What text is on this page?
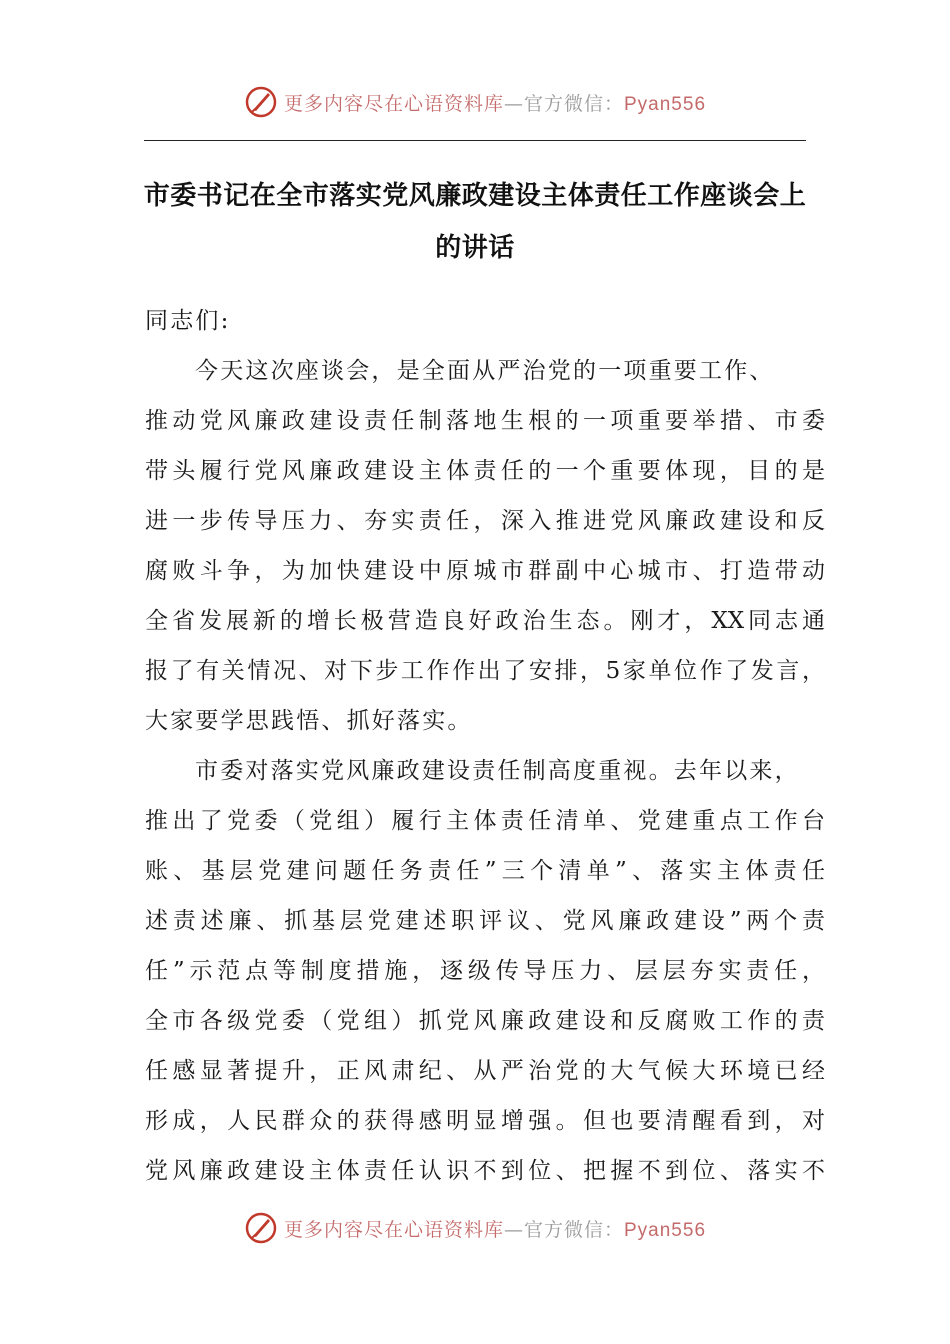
更多内容尽在心语资料库—官方微信：Pyan556
市委书记在全市落实党风廉政建设主体责任工作座谈会上
的讲话
同志们:
今天这次座谈会，是全面从严治党的一项重要工作、
推动党风廉政建设责任制落地生根的一项重要举措、市委
带头履行党风廉政建设主体责任的一个重要体现，目的是
进一步传导压力、夯实责任，深入推进党风廉政建设和反
腐败斗争，为加快建设中原城市群副中心城市、打造带动
全省发展新的增长极营造良好政治生态。刚才，XX同志通
报了有关情况、对下步工作作出了安排，5家单位作了发言，
大家要学思践悟、抓好落实。
市委对落实党风廉政建设责任制高度重视。去年以来，
推出了党委（党组）履行主体责任清单、党建重点工作台
账、基层党建问题任务责任”三个清单”、落实主体责任
述责述廉、抓基层党建述职评议、党风廉政建设”两个责
任”示范点等制度措施，逐级传导压力、层层夯实责任，
全市各级党委（党组）抓党风廉政建设和反腐败工作的责
任感显著提升，正风肃纪、从严治党的大气候大环境已经
形成，人民群众的获得感明显增强。但也要清醒看到，对
党风廉政建设主体责任认识不到位、把握不到位、落实不
更多内容尽在心语资料库—官方微信：Pyan556
